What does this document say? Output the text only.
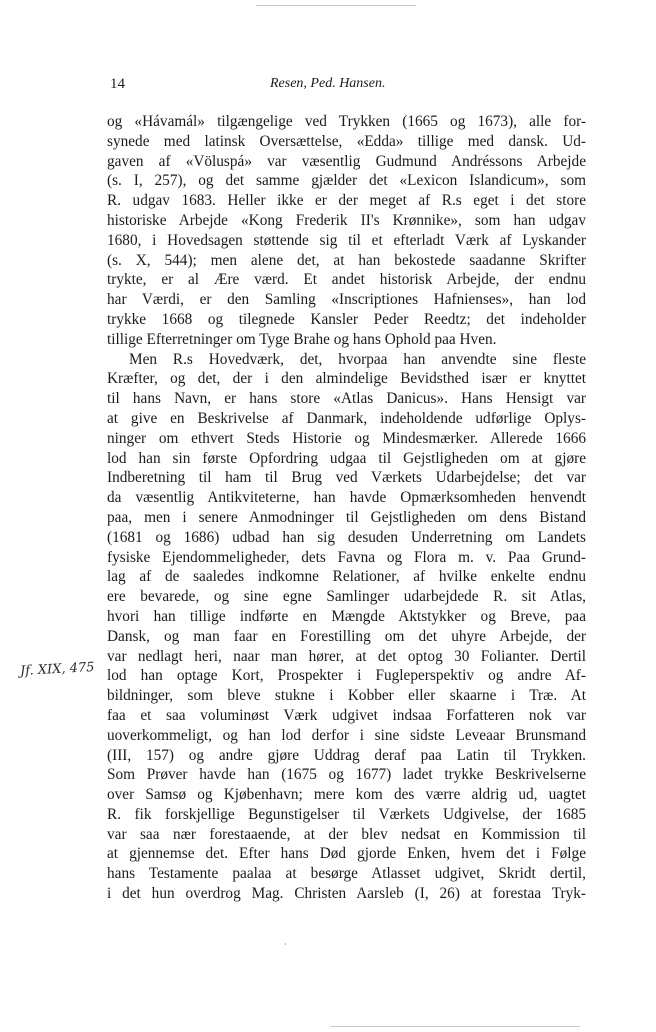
14	Resen, Ped. Hansen.
Jf. XIX, 475
og «Hávamál» tilgængelige ved Trykken (1665 og 1673), alle for-
synede med latinsk Oversættelse, «Edda» tillige med dansk. Ud-
gaven af «Völuspá» var væsentlig Gudmund Andréssons Arbejde
(s. I, 257), og det samme gjælder det «Lexicon Islandicum», som
R. udgav 1683. Heller ikke er der meget af R.s eget i det store
historiske Arbejde «Kong Frederik II's Krønnike», som han udgav
1680, i Hovedsagen støttende sig til et efterladt Værk af Lyskander
(s. X, 544); men alene det, at han bekostede saadanne Skrifter
trykte, er al Ære værd. Et andet historisk Arbejde, der endnu
har Værdi, er den Samling «Inscriptiones Hafnienses», han lod
trykke 1668 og tilegnede Kansler Peder Reedtz; det indeholder
tillige Efterretninger om Tyge Brahe og hans Ophold paa Hven.
Men R.s Hovedværk, det, hvorpaa han anvendte sine fleste
Kræfter, og det, der i den almindelige Bevidsthed især er knyttet
til hans Navn, er hans store «Atlas Danicus». Hans Hensigt var
at give en Beskrivelse af Danmark, indeholdende udførlige Oplys-
ninger om ethvert Steds Historie og Mindesmærker. Allerede 1666
lod han sin første Opfordring udgaa til Gejstligheden om at gjøre
Indberetning til ham til Brug ved Værkets Udarbejdelse; det var
da væsentlig Antikviteterne, han havde Opmærksomheden henvendt
paa, men i senere Anmodninger til Gejstligheden om dens Bistand
(1681 og 1686) udbad han sig desuden Underretning om Landets
fysiske Ejendommeligheder, dets Favna og Flora m. v. Paa Grund-
lag af de saaledes indkomne Relationer, af hvilke enkelte endnu
ere bevarede, og sine egne Samlinger udarbejdede R. sit Atlas,
hvori han tillige indførte en Mængde Aktstykker og Breve, paa
Dansk, og man faar en Forestilling om det uhyre Arbejde, der
var nedlagt heri, naar man hører, at det optog 30 Folianter. Dertil
lod han optage Kort, Prospekter i Fugleperspektiv og andre Af-
bildninger, som bleve stukne i Kobber eller skaarne i Træ. At
faa et saa voluminøst Værk udgivet indsaa Forfatteren nok var
uoverkommeligt, og han lod derfor i sine sidste Leveaar Brunsmand
(III, 157) og andre gjøre Uddrag deraf paa Latin til Trykken.
Som Prøver havde han (1675 og 1677) ladet trykke Beskrivelserne
over Samsø og Kjøbenhavn; mere kom des værre aldrig ud, uagtet
R. fik forskjellige Begunstigelser til Værkets Udgivelse, der 1685
var saa nær forestaaende, at der blev nedsat en Kommission til
at gjennemse det. Efter hans Død gjorde Enken, hvem det i Følge
hans Testamente paalaa at besørge Atlasset udgivet, Skridt dertil,
i det hun overdrog Mag. Christen Aarsleb (I, 26) at forestaa Tryk-
·
